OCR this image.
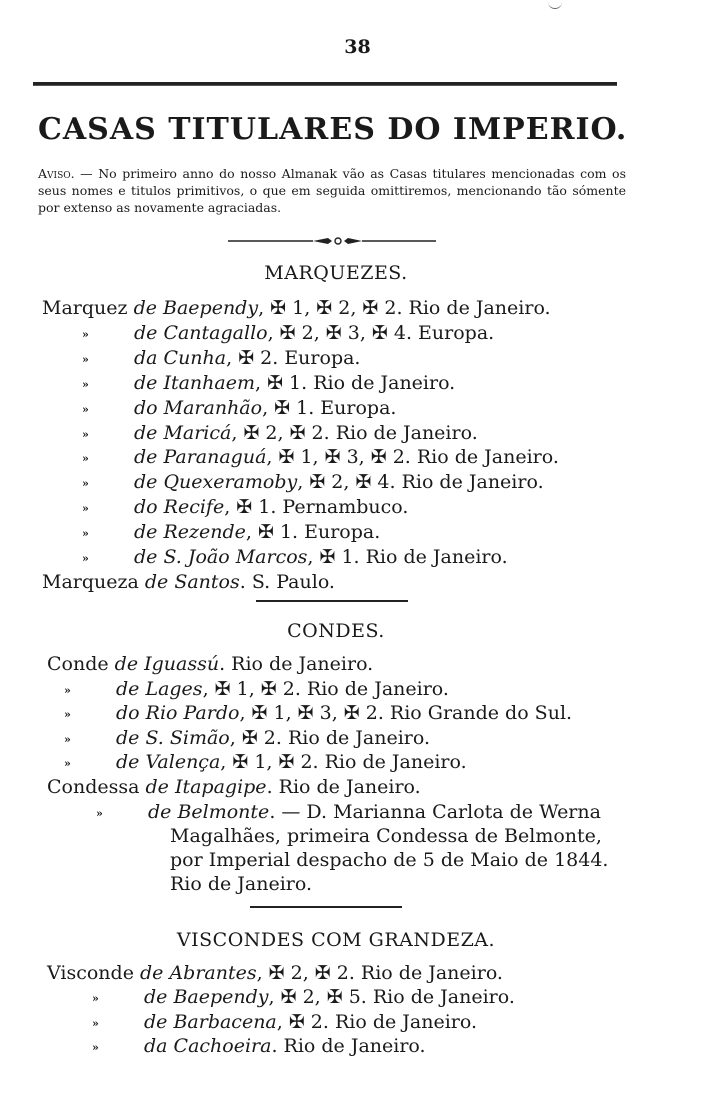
38
CASAS TITULARES DO IMPERIO.
Aviso. — No primeiro anno do nosso Almanak vão as Casas titulares mencionadas com os seus nomes e titulos primitivos, o que em seguida omittiremos, mencionando tão sómente por extenso as novamente agraciadas.
MARQUEZES.
Marquez de Baependy, ✠ 1, ✠ 2, ✠ 2. Rio de Janeiro.
» de Cantagallo, ✠ 2, ✠ 3, ✠ 4. Europa.
» da Cunha, ✠ 2. Europa.
» de Itanhaem, ✠ 1. Rio de Janeiro.
» do Maranhão, ✠ 1. Europa.
» de Maricá, ✠ 2, ✠ 2. Rio de Janeiro.
» de Paranaguá, ✠ 1, ✠ 3, ✠ 2. Rio de Janeiro.
» de Quexeramoby, ✠ 2, ✠ 4. Rio de Janeiro.
» do Recife, ✠ 1. Pernambuco.
» de Rezende, ✠ 1. Europa.
» de S. João Marcos, ✠ 1. Rio de Janeiro.
Marqueza de Santos. S. Paulo.
CONDES.
Conde de Iguassú. Rio de Janeiro.
» de Lages, ✠ 1, ✠ 2. Rio de Janeiro.
» do Rio Pardo, ✠ 1, ✠ 3, ✠ 2. Rio Grande do Sul.
» de S. Simão, ✠ 2. Rio de Janeiro.
» de Valença, ✠ 1, ✠ 2. Rio de Janeiro.
Condessa de Itapagipe. Rio de Janeiro.
» de Belmonte. — D. Marianna Carlota de Werna
Magalhães, primeira Condessa de Belmonte,
por Imperial despacho de 5 de Maio de 1844.
Rio de Janeiro.
VISCONDES COM GRANDEZA.
Visconde de Abrantes, ✠ 2, ✠ 2. Rio de Janeiro.
» de Baependy, ✠ 2, ✠ 5. Rio de Janeiro.
» de Barbacena, ✠ 2. Rio de Janeiro.
» da Cachoeira. Rio de Janeiro.
